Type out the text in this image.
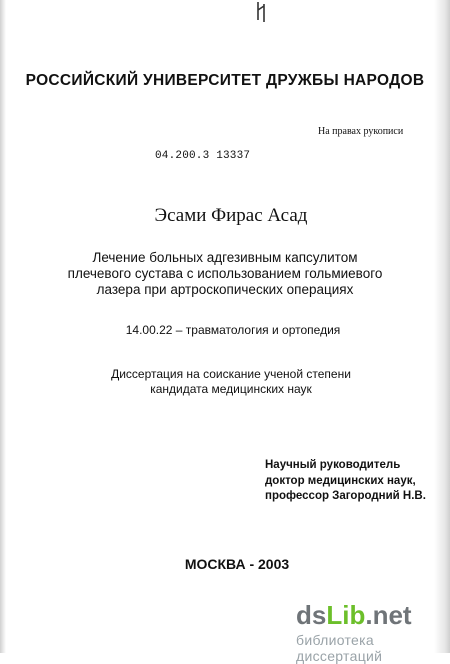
РОССИЙСКИЙ УНИВЕРСИТЕТ ДРУЖБЫ НАРОДОВ
На правах рукописи
04.200.3 13337
Эсами Фирас Асад
Лечение больных адгезивным капсулитом
плечевого сустава с использованием гольмиевого
лазера при артроскопических операциях
14.00.22 – травматология и ортопедия
Диссертация на соискание ученой степени
кандидата медицинских наук
Научный руководитель
доктор медицинских наук,
профессор Загородний Н.В.
МОСКВА - 2003
dsLib.net
библиотека диссертаций
